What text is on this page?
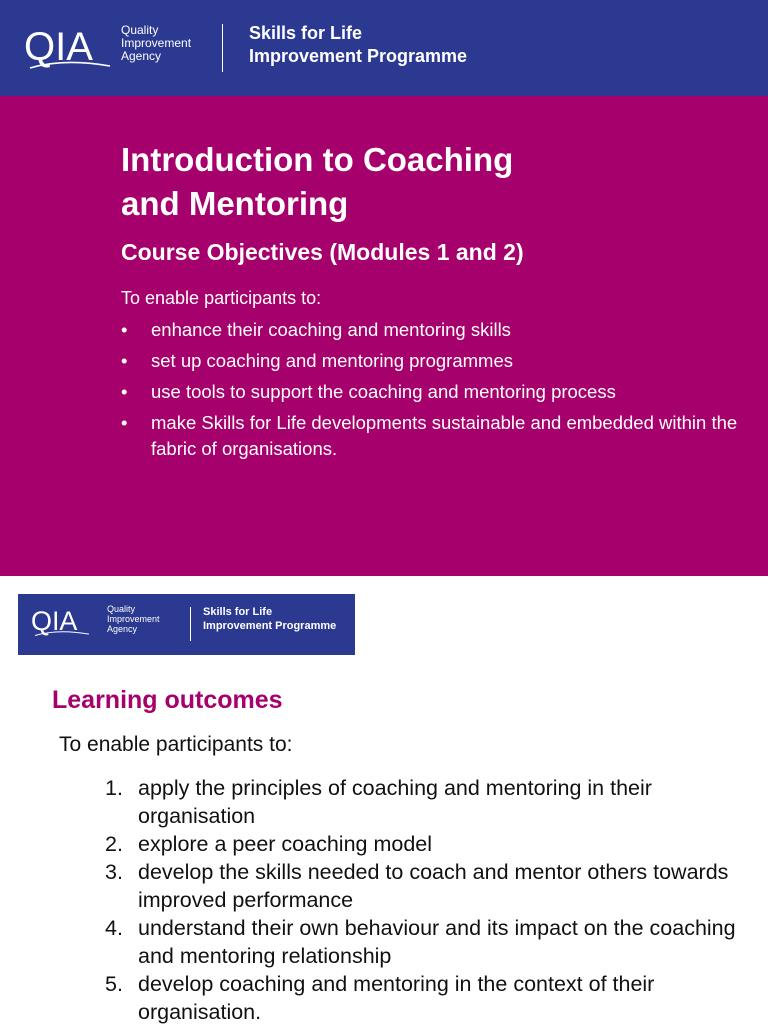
QIA Quality
Improvement
Agency
Skills for Life
Improvement Programme
Introduction to Coaching
and Mentoring
Course Objectives (Modules 1 and 2)
To enable participants to:
• enhance their coaching and mentoring skills
• set up coaching and mentoring programmes
• use tools to support the coaching and mentoring process
• make Skills for Life developments sustainable and embedded within the fabric of organisations.
QIA	Quality
Improvement
Agency
Skills for Life
Improvement Programme
Learning outcomes
To enable participants to:
1. apply the principles of coaching and mentoring in their organisation
2. explore a peer coaching model
3. develop the skills needed to coach and mentor others towards improved performance
4. understand their own behaviour and its impact on the coaching and mentoring relationship
5. develop coaching and mentoring in the context of their organisation.
